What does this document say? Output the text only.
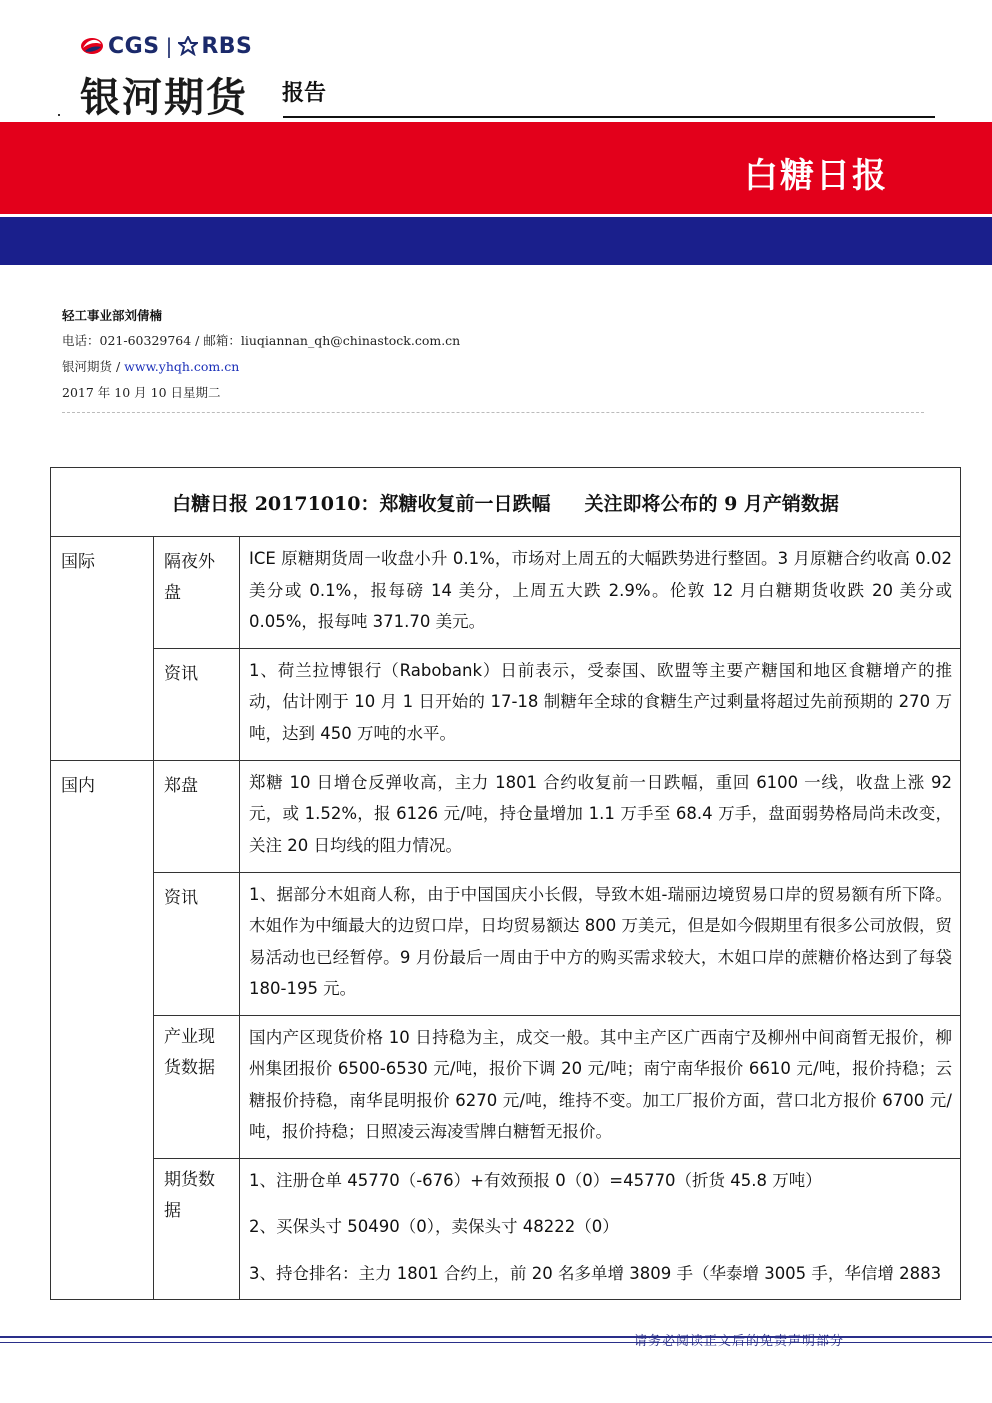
CGS | RBS
银河期货 报告
白糖日报
轻工事业部刘倩楠
电话：021-60329764 / 邮箱：liuqiannan_qh@chinastock.com.cn
银河期货 / www.yhqh.com.cn
2017 年 10 月 10 日星期二
白糖日报 20171010：郑糖收复前一日跌幅 关注即将公布的 9 月产销数据		
国际	隔夜外盘	ICE 原糖期货周一收盘小升 0.1%，市场对上周五的大幅跌势进行整固。3 月原糖合约收高 0.02 美分或 0.1%，报每磅 14 美分，上周五大跌 2.9%。伦敦 12 月白糖期货收跌 20 美分或 0.05%，报每吨 371.70 美元。

	资讯	1、荷兰拉博银行（Rabobank）日前表示，受泰国、欧盟等主要产糖国和地区食糖增产的推动，估计刚于 10 月 1 日开始的 17-18 制糖年全球的食糖生产过剩量将超过先前预期的 270 万吨，达到 450 万吨的水平。

国内	郑盘	郑糖 10 日增仓反弹收高，主力 1801 合约收复前一日跌幅，重回 6100 一线，收盘上涨 92 元，或 1.52%，报 6126 元/吨，持仓量增加 1.1 万手至 68.4 万手，盘面弱势格局尚未改变，关注 20 日均线的阻力情况。

	资讯	1、据部分木姐商人称，由于中国国庆小长假，导致木姐-瑞丽边境贸易口岸的贸易额有所下降。木姐作为中缅最大的边贸口岸，日均贸易额达 800 万美元，但是如今假期里有很多公司放假，贸易活动也已经暂停。9 月份最后一周由于中方的购买需求较大，木姐口岸的蔗糖价格达到了每袋 180-195 元。

	产业现货数据	国内产区现货价格 10 日持稳为主，成交一般。其中主产区广西南宁及柳州中间商暂无报价，柳州集团报价 6500-6530 元/吨，报价下调 20 元/吨；南宁南华报价 6610 元/吨，报价持稳；云糖报价持稳，南华昆明报价 6270 元/吨，维持不变。加工厂报价方面，营口北方报价 6700 元/吨，报价持稳；日照凌云海凌雪牌白糖暂无报价。

	期货数据	1、注册仓单 45770（-676）+有效预报 0（0）=45770（折货 45.8 万吨）

2、买保头寸 50490（0），卖保头寸 48222（0）

3、持仓排名：主力 1801 合约上，前 20 名多单增 3809 手（华泰增 3005 手，华信增 2883

请务必阅读正文后的免责声明部分
